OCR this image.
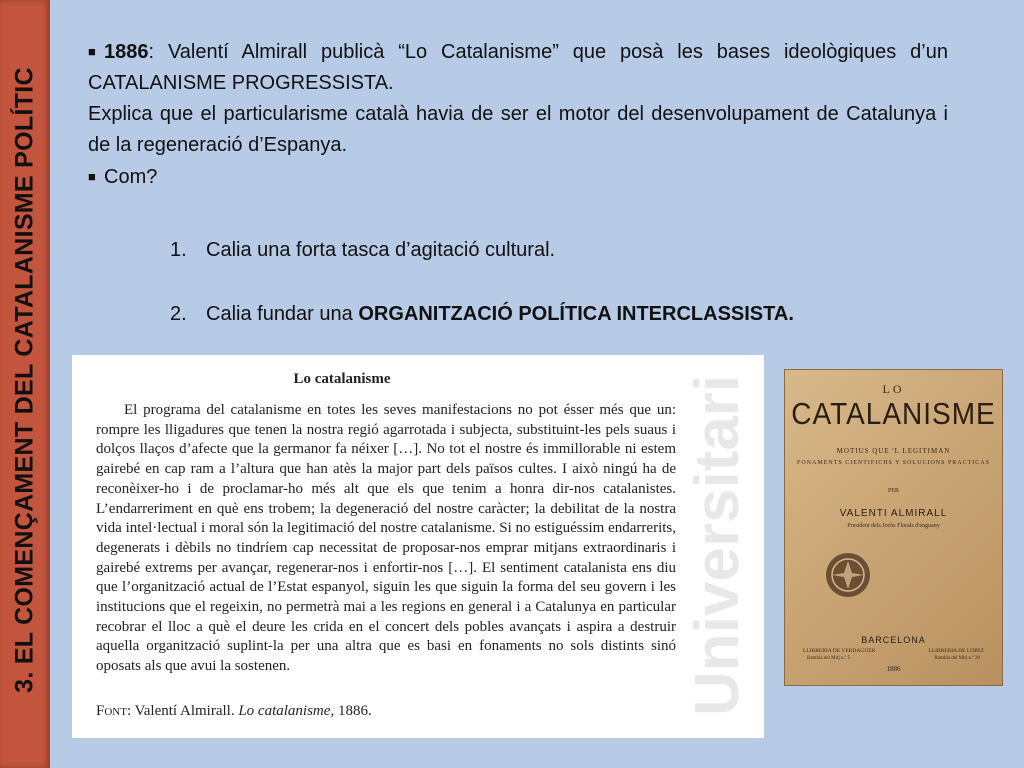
3. EL COMENÇAMENT DEL CATALANISME POLÍTIC

■ 1886: Valentí Almirall publicà “Lo Catalanisme” que posà les bases ideològiques d’un CATALANISME PROGRESSISTA.

Explica que el particularisme català havia de ser el motor del desenvolupament de Catalunya i de la regeneració d’Espanya.

■ Com?

1. Calia una forta tasca d’agitació cultural.
2. Calia fundar una ORGANITZACIÓ POLÍTICA INTERCLASSISTA.
Universitari
Lo catalanisme
El programa del catalanisme en totes les seves manifestacions no pot ésser més que un: rompre les lligadures que tenen la nostra regió agarrotada i subjecta, substituint-les pels suaus i dolços llaços d’afecte que la germanor fa néixer […]. No tot el nostre és immillorable ni estem gairebé en cap ram a l’altura que han atès la major part dels països cultes. I això ningú ha de reconèixer-ho i de proclamar-ho més alt que els que tenim a honra dir-nos catalanistes. L’endarreriment en què ens trobem; la degeneració del nostre caràcter; la debilitat de la nostra vida intel·lectual i moral són la legitimació del nostre catalanisme. Si no estiguéssim endarrerits, degenerats i dèbils no tindríem cap necessitat de proposar-nos emprar mitjans extraordinaris i gairebé extrems per avançar, regenerar-nos i enfortir-nos […]. El sentiment catalanista ens diu que l’organització actual de l’Estat espanyol, siguin les que siguin la forma del seu govern i les institucions que el regeixin, no permetrà mai a les regions en general i a Catalunya en particular recobrar el lloc a què el deure les crida en el concert dels pobles avançats i aspira a destruir aquella organització suplint-la per una altra que es basi en fonaments no sols distints sinó oposats als que avui la sostenen.
Font: Valentí Almirall. Lo catalanisme, 1886.
LO
CATALANISME
MOTIUS QUE 'L LEGITIMAN
FONAMENTS CIENTIFICHS Y SOLUCIONS PRACTICAS
PER
VALENTI ALMIRALL
President dels Jochs Florals d'enguany
BARCELONA
LLIBRERIA DE VERDAGUER	LLIBRERIA DE LOPEZ
Rambla del Mitj n.º 5	Rambla del Mitj n.º 20
1886
